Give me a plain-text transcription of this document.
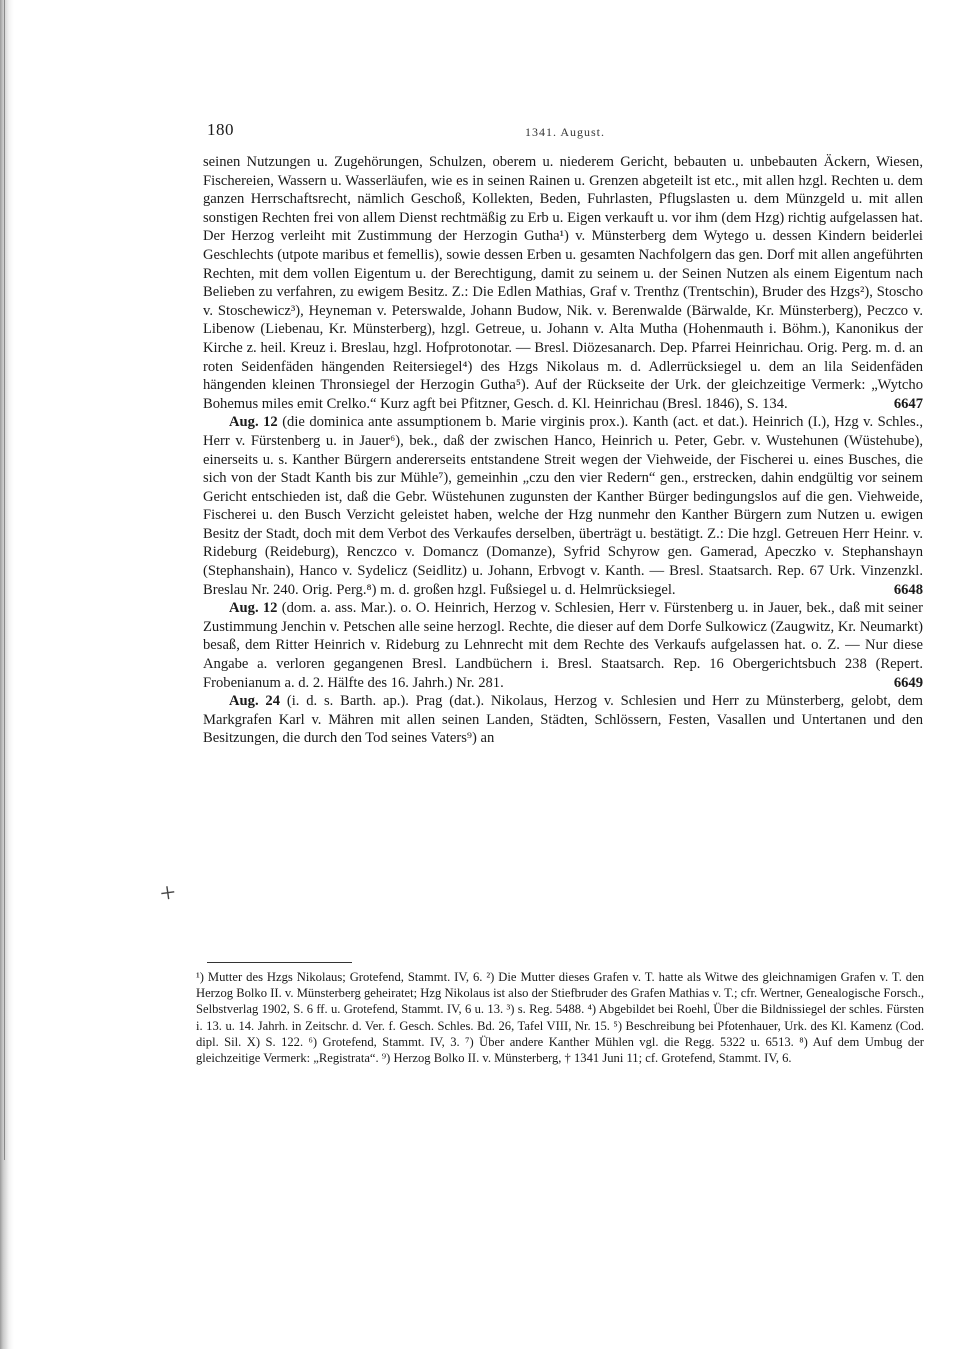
180	1341. August.
+

seinen Nutzungen u. Zugehörungen, Schulzen, oberem u. niederem Gericht, bebauten u. unbebauten Äckern, Wiesen, Fischereien, Wassern u. Wasserläufen, wie es in seinen Rainen u. Grenzen abgeteilt ist etc., mit allen hzgl. Rechten u. dem ganzen Herrschaftsrecht, nämlich Geschoß, Kollekten, Beden, Fuhrlasten, Pflugslasten u. dem Münzgeld u. mit allen sonstigen Rechten frei von allem Dienst rechtmäßig zu Erb u. Eigen verkauft u. vor ihm (dem Hzg) richtig aufgelassen hat. Der Herzog verleiht mit Zustimmung der Herzogin Gutha¹) v. Münsterberg dem Wytego u. dessen Kindern beiderlei Geschlechts (utpote maribus et femellis), sowie dessen Erben u. gesamten Nachfolgern das gen. Dorf mit allen angeführten Rechten, mit dem vollen Eigentum u. der Berechtigung, damit zu seinem u. der Seinen Nutzen als einem Eigentum nach Belieben zu verfahren, zu ewigem Besitz. Z.: Die Edlen Mathias, Graf v. Trenthz (Trentschin), Bruder des Hzgs²), Stoscho v. Stoschewicz³), Heyneman v. Peterswalde, Johann Budow, Nik. v. Berenwalde (Bärwalde, Kr. Münsterberg), Peczco v. Libenow (Liebenau, Kr. Münsterberg), hzgl. Getreue, u. Johann v. Alta Mutha (Hohenmauth i. Böhm.), Kanonikus der Kirche z. heil. Kreuz i. Breslau, hzgl. Hofprotonotar. — Bresl. Diözesanarch. Dep. Pfarrei Heinrichau. Orig. Perg. m. d. an roten Seidenfäden hängenden Reitersiegel⁴) des Hzgs Nikolaus m. d. Adlerrücksiegel u. dem an lila Seidenfäden hängenden kleinen Thronsiegel der Herzogin Gutha⁵). Auf der Rückseite der Urk. der gleichzeitige Vermerk: „Wytcho Bohemus miles emit Crelko.“ Kurz agft bei Pfitzner, Gesch. d. Kl. Heinrichau (Bresl. 1846), S. 134.	6647

Aug. 12 (die dominica ante assumptionem b. Marie virginis prox.). Kanth (act. et dat.). Heinrich (I.), Hzg v. Schles., Herr v. Fürstenberg u. in Jauer⁶), bek., daß der zwischen Hanco, Heinrich u. Peter, Gebr. v. Wustehunen (Wüstehube), einerseits u. s. Kanther Bürgern andererseits entstandene Streit wegen der Viehweide, der Fischerei u. eines Busches, die sich von der Stadt Kanth bis zur Mühle⁷), gemeinhin „czu den vier Redern“ gen., erstrecken, dahin endgültig vor seinem Gericht entschieden ist, daß die Gebr. Wüstehunen zugunsten der Kanther Bürger bedingungslos auf die gen. Viehweide, Fischerei u. den Busch Verzicht geleistet haben, welche der Hzg nunmehr den Kanther Bürgern zum Nutzen u. ewigen Besitz der Stadt, doch mit dem Verbot des Verkaufes derselben, überträgt u. bestätigt. Z.: Die hzgl. Getreuen Herr Heinr. v. Rideburg (Reideburg), Renczco v. Domancz (Domanze), Syfrid Schyrow gen. Gamerad, Apeczko v. Stephanshayn (Stephanshain), Hanco v. Sydelicz (Seidlitz) u. Johann, Erbvogt v. Kanth. — Bresl. Staatsarch. Rep. 67 Urk. Vinzenzkl. Breslau Nr. 240. Orig. Perg.⁸) m. d. großen hzgl. Fußsiegel u. d. Helmrücksiegel.	6648

Aug. 12 (dom. a. ass. Mar.). o. O. Heinrich, Herzog v. Schlesien, Herr v. Fürstenberg u. in Jauer, bek., daß mit seiner Zustimmung Jenchin v. Petschen alle seine herzogl. Rechte, die dieser auf dem Dorfe Sulkowicz (Zaugwitz, Kr. Neumarkt) besaß, dem Ritter Heinrich v. Rideburg zu Lehnrecht mit dem Rechte des Verkaufs aufgelassen hat. o. Z. — Nur diese Angabe a. verloren gegangenen Bresl. Landbüchern i. Bresl. Staatsarch. Rep. 16 Obergerichtsbuch 238 (Repert. Frobenianum a. d. 2. Hälfte des 16. Jahrh.) Nr. 281.	6649

Aug. 24 (i. d. s. Barth. ap.). Prag (dat.). Nikolaus, Herzog v. Schlesien und Herr zu Münsterberg, gelobt, dem Markgrafen Karl v. Mähren mit allen seinen Landen, Städten, Schlössern, Festen, Vasallen und Untertanen und den Besitzungen, die durch den Tod seines Vaters⁹) an

¹) Mutter des Hzgs Nikolaus; Grotefend, Stammt. IV, 6. ²) Die Mutter dieses Grafen v. T. hatte als Witwe des gleichnamigen Grafen v. T. den Herzog Bolko II. v. Münsterberg geheiratet; Hzg Nikolaus ist also der Stiefbruder des Grafen Mathias v. T.; cfr. Wertner, Genealogische Forsch., Selbstverlag 1902, S. 6 ff. u. Grotefend, Stammt. IV, 6 u. 13. ³) s. Reg. 5488. ⁴) Abgebildet bei Roehl, Über die Bildnissiegel der schles. Fürsten i. 13. u. 14. Jahrh. in Zeitschr. d. Ver. f. Gesch. Schles. Bd. 26, Tafel VIII, Nr. 15. ⁵) Beschreibung bei Pfotenhauer, Urk. des Kl. Kamenz (Cod. dipl. Sil. X) S. 122. ⁶) Grotefend, Stammt. IV, 3. ⁷) Über andere Kanther Mühlen vgl. die Regg. 5322 u. 6513. ⁸) Auf dem Umbug der gleichzeitige Vermerk: „Registrata“. ⁹) Herzog Bolko II. v. Münsterberg, † 1341 Juni 11; cf. Grotefend, Stammt. IV, 6.
